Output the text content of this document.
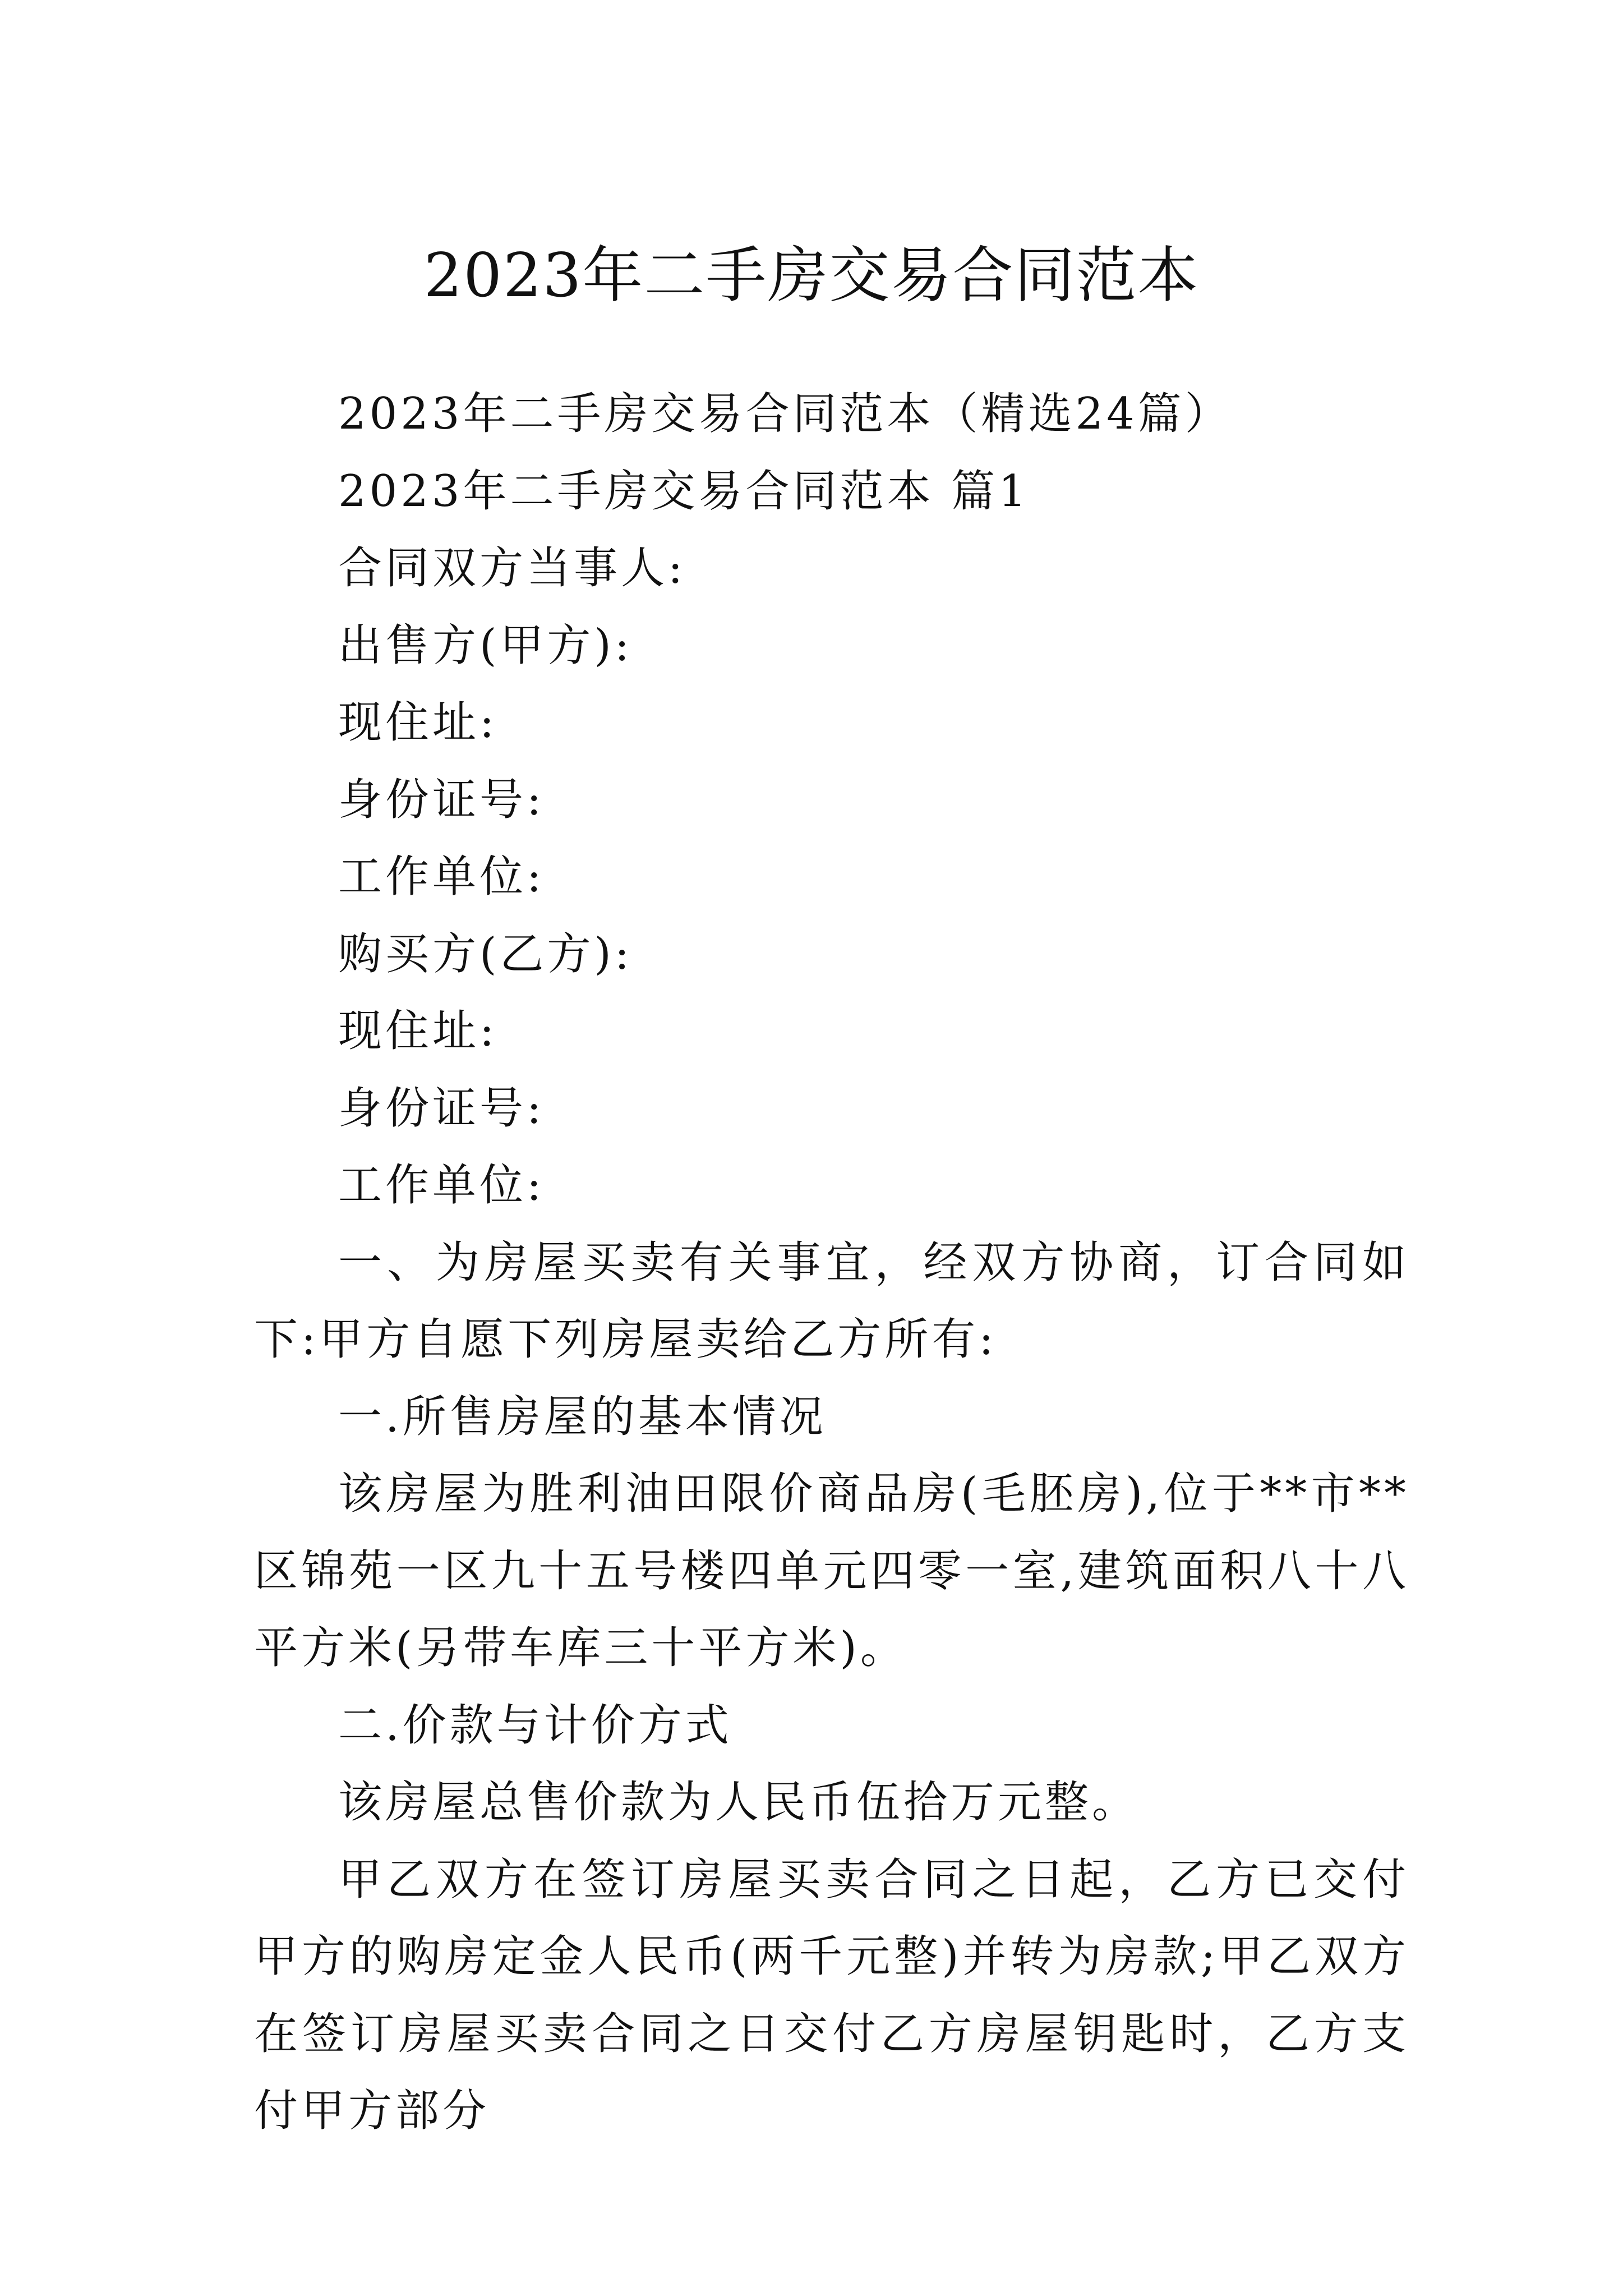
2023年二手房交易合同范本

2023年二手房交易合同范本（精选24篇）

2023年二手房交易合同范本 篇1

合同双方当事人:

出售方(甲方):

现住址:

身份证号:

工作单位:

购买方(乙方):

现住址:

身份证号:

工作单位:

一、为房屋买卖有关事宜，经双方协商，订合同如下:甲方自愿下列房屋卖给乙方所有:

一.所售房屋的基本情况

该房屋为胜利油田限价商品房(毛胚房),位于**市**区锦苑一区九十五号楼四单元四零一室,建筑面积八十八平方米(另带车库三十平方米)。

二.价款与计价方式

该房屋总售价款为人民币伍拾万元整。

甲乙双方在签订房屋买卖合同之日起，乙方已交付甲方的购房定金人民币(两千元整)并转为房款;甲乙双方在签订房屋买卖合同之日交付乙方房屋钥匙时，乙方支付甲方部分
